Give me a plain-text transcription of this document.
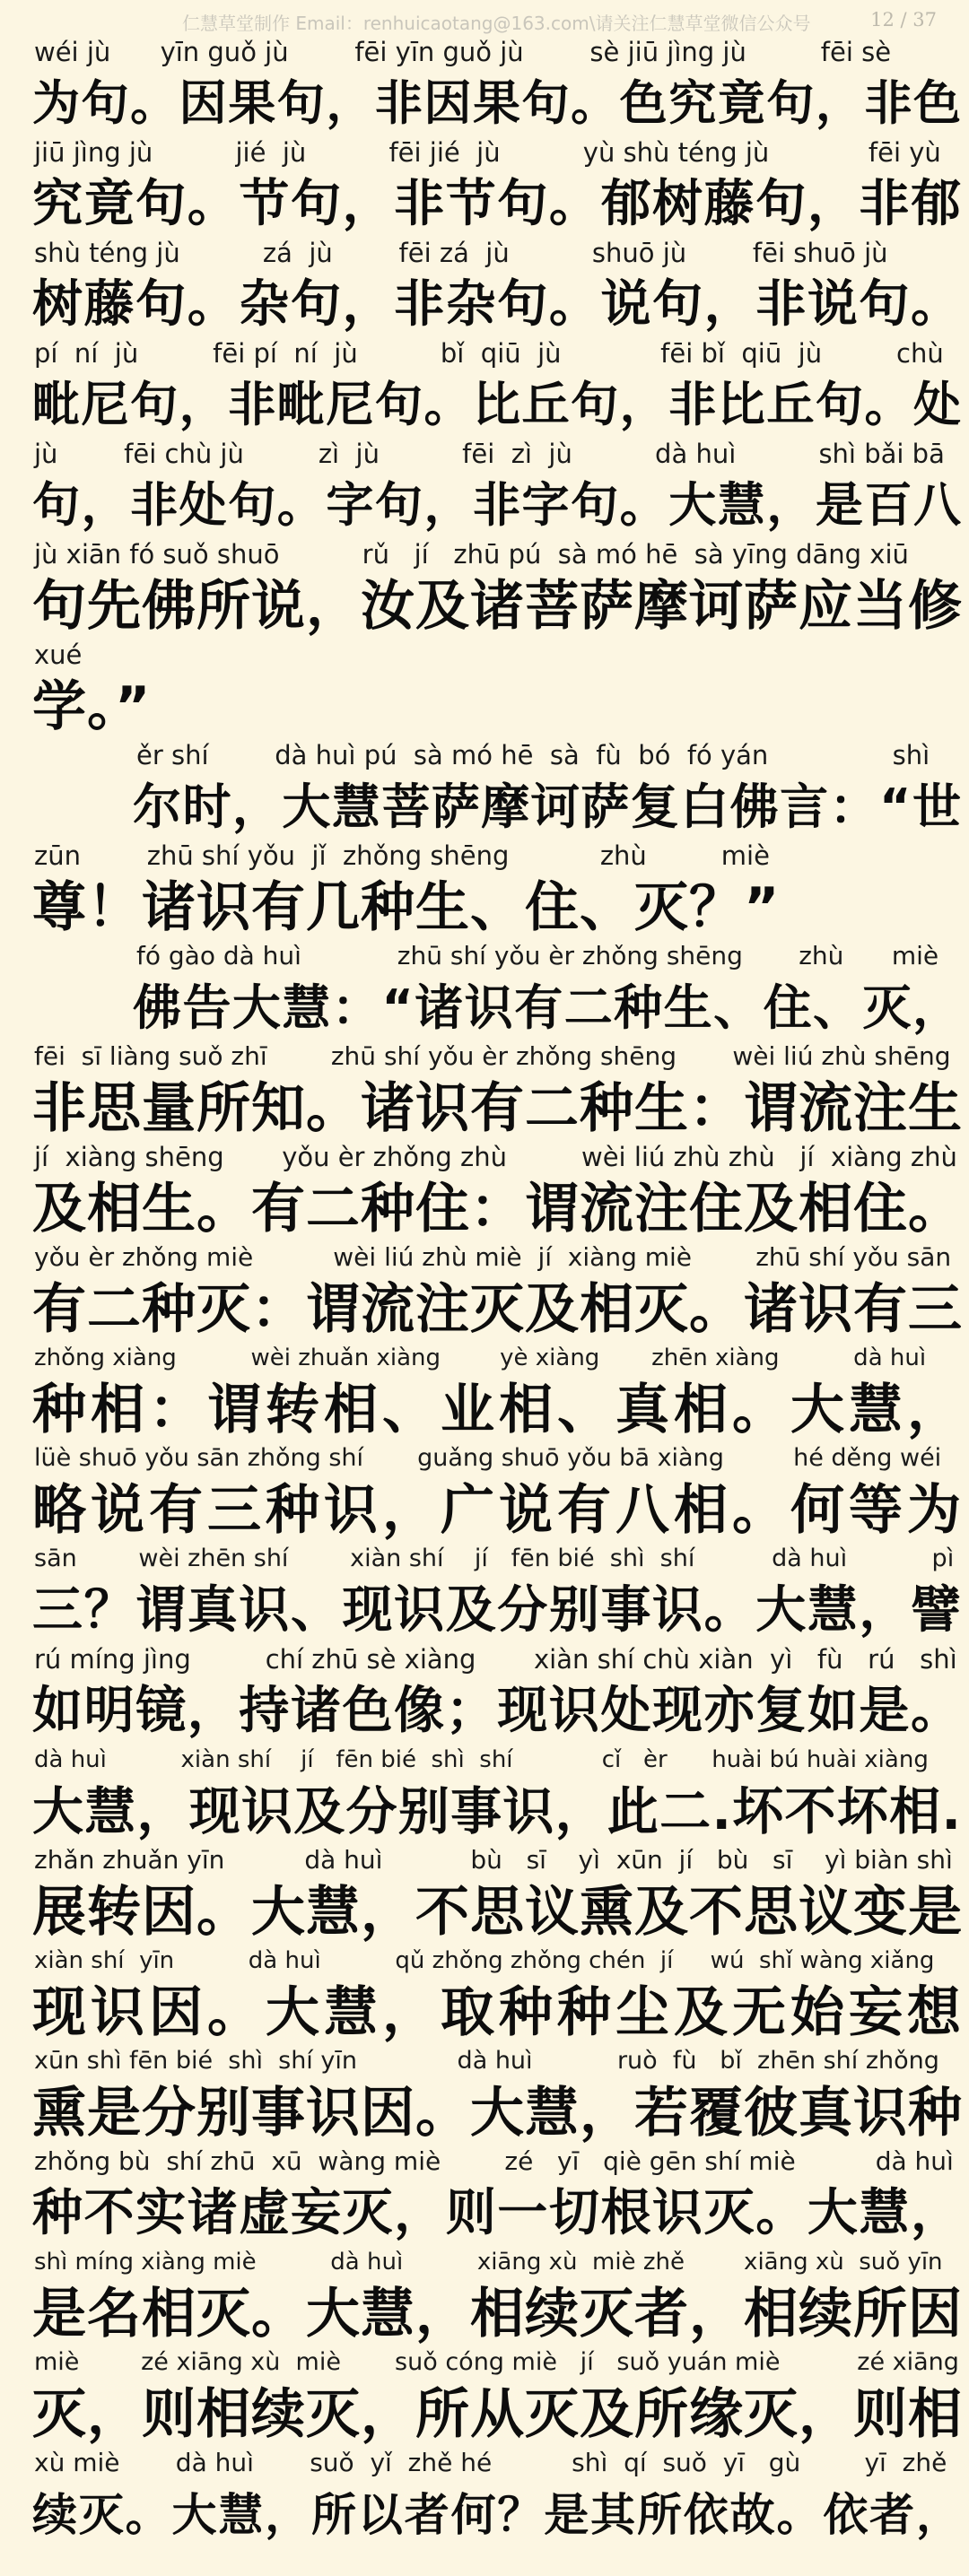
仁慧草堂制作 Email：renhuicaotang@163.com\请关注仁慧草堂微信公众号	12 / 37
wéi jù      yīn guǒ jù        fēi yīn guǒ jù        sè jiū jìng jù         fēi sè
为句。因果句，非因果句。色究竟句，非色
jiū jìng jù          jié  jù          fēi jié  jù          yù shù téng jù            fēi yù
究竟句。节句，非节句。郁树藤句，非郁
shù téng jù          zá  jù        fēi zá  jù          shuō jù        fēi shuō jù
树藤句。杂句，非杂句。说句，非说句。
pí  ní  jù         fēi pí  ní  jù          bǐ  qiū  jù            fēi bǐ  qiū  jù         chù
毗尼句，非毗尼句。比丘句，非比丘句。处
jù        fēi chù jù         zì  jù          fēi  zì  jù          dà huì          shì bǎi bā
句，非处句。字句，非字句。大慧，是百八
jù xiān fó suǒ shuō          rǔ   jí   zhū pú  sà mó hē  sà yīng dāng xiū
句先佛所说，汝及诸菩萨摩诃萨应当修
xué
学。”
ěr shí        dà huì pú  sà mó hē  sà  fù  bó  fó yán               shì
尔时，大慧菩萨摩诃萨复白佛言：“世
zūn        zhū shí yǒu  jǐ  zhǒng shēng           zhù         miè
尊！诸识有几种生、住、灭？”
fó gào dà huì            zhū shí yǒu èr zhǒng shēng       zhù      miè
佛告大慧：“诸识有二种生、住、灭，
fēi  sī liàng suǒ zhī        zhū shí yǒu èr zhǒng shēng       wèi liú zhù shēng
非思量所知。诸识有二种生：谓流注生
jí  xiàng shēng       yǒu èr zhǒng zhù         wèi liú zhù zhù   jí  xiàng zhù
及相生。有二种住：谓流注住及相住。
yǒu èr zhǒng miè          wèi liú zhù miè  jí  xiàng miè        zhū shí yǒu sān
有二种灭：谓流注灭及相灭。诸识有三
zhǒng xiàng          wèi zhuǎn xiàng        yè xiàng       zhēn xiàng          dà huì
种相：谓转相、业相、真相。大慧，
lüè shuō yǒu sān zhǒng shí       guǎng shuō yǒu bā xiàng         hé děng wéi
略说有三种识，广说有八相。何等为
sān        wèi zhēn shí        xiàn shí    jí   fēn bié  shì  shí          dà huì           pì
三？谓真识、现识及分别事识。大慧，譬
rú míng jìng         chí zhū sè xiàng       xiàn shí chù xiàn  yì   fù   rú   shì
如明镜，持诸色像；现识处现亦复如是。
dà huì          xiàn shí    jí   fēn bié  shì  shí            cǐ   èr      huài bú huài xiàng
大慧，现识及分别事识，此二.坏不坏相.
zhǎn zhuǎn yīn          dà huì           bù   sī    yì  xūn  jí   bù   sī    yì biàn shì
展转因。大慧，不思议熏及不思议变是
xiàn shí  yīn          dà huì          qǔ zhǒng zhǒng chén  jí     wú  shǐ wàng xiǎng
现识因。大慧，取种种尘及无始妄想
xūn shì fēn bié  shì  shí yīn             dà huì           ruò  fù   bǐ  zhēn shí zhǒng
熏是分别事识因。大慧，若覆彼真识种
zhǒng bù  shí zhū  xū  wàng miè        zé   yī   qiè gēn shí miè          dà huì
种不实诸虚妄灭，则一切根识灭。大慧，
shì míng xiàng miè          dà huì          xiāng xù  miè zhě        xiāng xù  suǒ yīn
是名相灭。大慧，相续灭者，相续所因
miè        zé xiāng xù  miè       suǒ cóng miè   jí   suǒ yuán miè          zé xiāng
灭，则相续灭，所从灭及所缘灭，则相
xù miè       dà huì       suǒ  yǐ  zhě hé          shì  qí  suǒ  yī   gù        yī  zhě
续灭。大慧，所以者何？是其所依故。依者，
